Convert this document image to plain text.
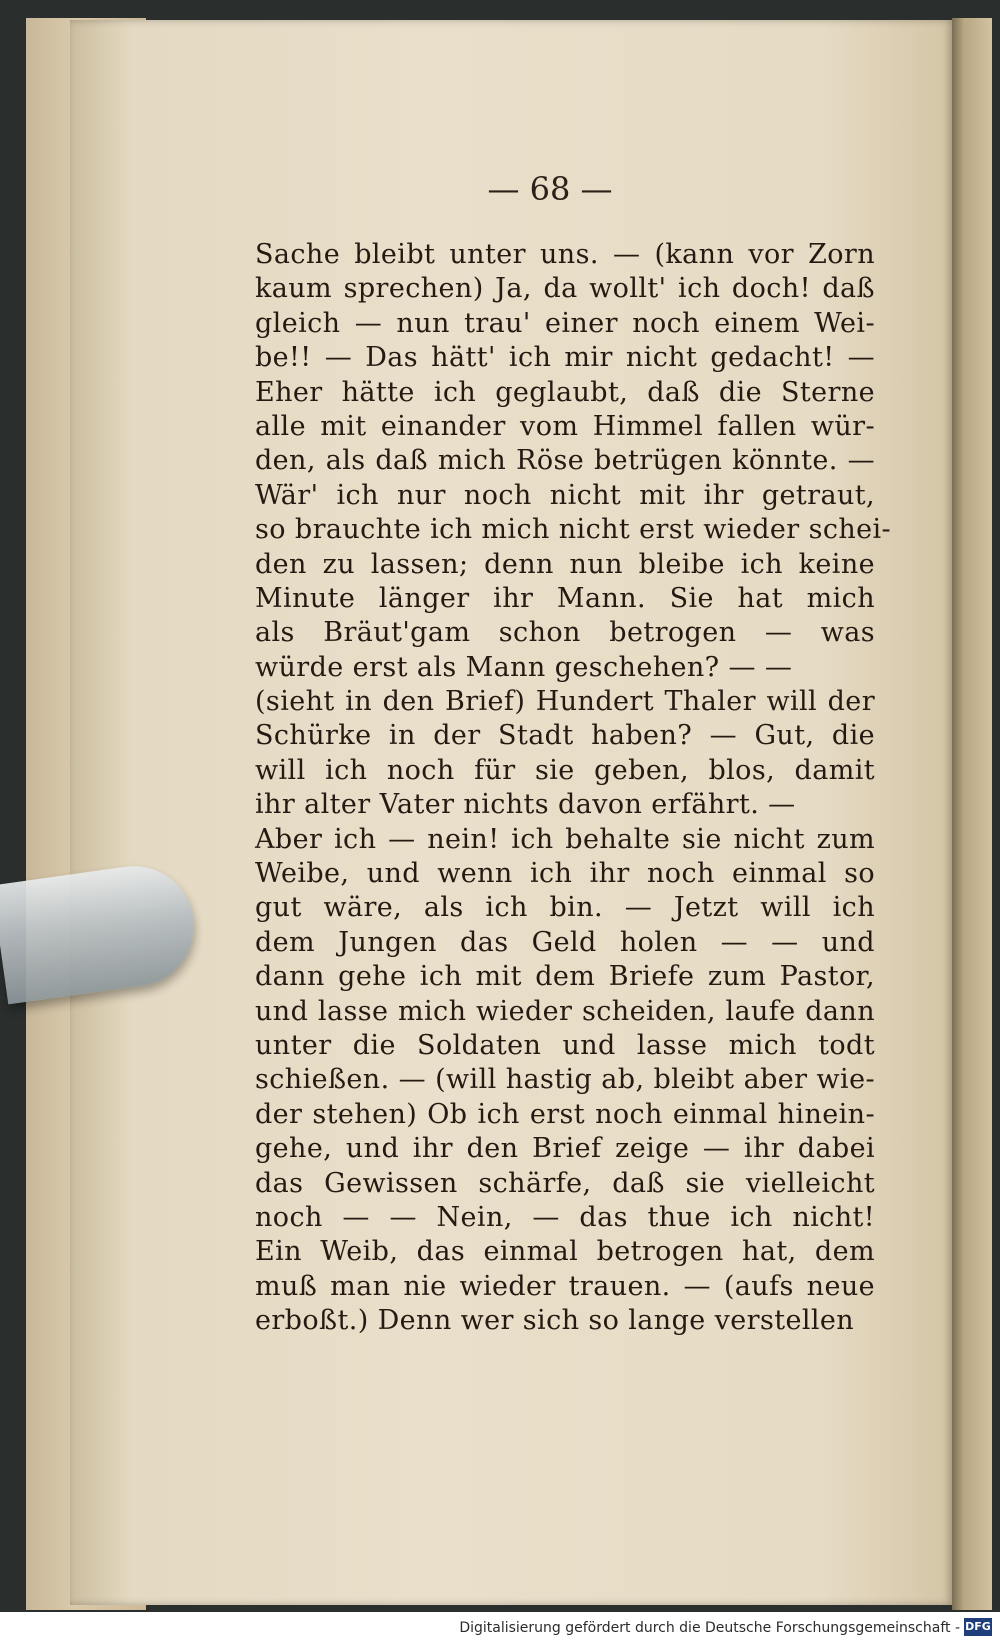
— 68 —
Sache bleibt unter uns. — (kann vor Zorn
kaum sprechen) Ja, da wollt' ich doch! daß
gleich — nun trau' einer noch einem Wei-
be!! — Das hätt' ich mir nicht gedacht! —
Eher hätte ich geglaubt, daß die Sterne
alle mit einander vom Himmel fallen wür-
den, als daß mich Röse betrügen könnte. —
Wär' ich nur noch nicht mit ihr getraut,
so brauchte ich mich nicht erst wieder schei-
den zu lassen; denn nun bleibe ich keine
Minute länger ihr Mann. Sie hat mich
als Bräut'gam schon betrogen — was
würde erst als Mann geschehen? — —
(sieht in den Brief) Hundert Thaler will der
Schürke in der Stadt haben? — Gut, die
will ich noch für sie geben, blos, damit
ihr alter Vater nichts davon erfährt. —
Aber ich — nein! ich behalte sie nicht zum
Weibe, und wenn ich ihr noch einmal so
gut wäre, als ich bin. — Jetzt will ich
dem Jungen das Geld holen — — und
dann gehe ich mit dem Briefe zum Pastor,
und lasse mich wieder scheiden, laufe dann
unter die Soldaten und lasse mich todt
schießen. — (will hastig ab, bleibt aber wie-
der stehen) Ob ich erst noch einmal hinein-
gehe, und ihr den Brief zeige — ihr dabei
das Gewissen schärfe, daß sie vielleicht
noch — — Nein, — das thue ich nicht!
Ein Weib, das einmal betrogen hat, dem
muß man nie wieder trauen. — (aufs neue
erboßt.) Denn wer sich so lange verstellen
Digitalisierung gefördert durch die Deutsche Forschungsgemeinschaft - DFG
